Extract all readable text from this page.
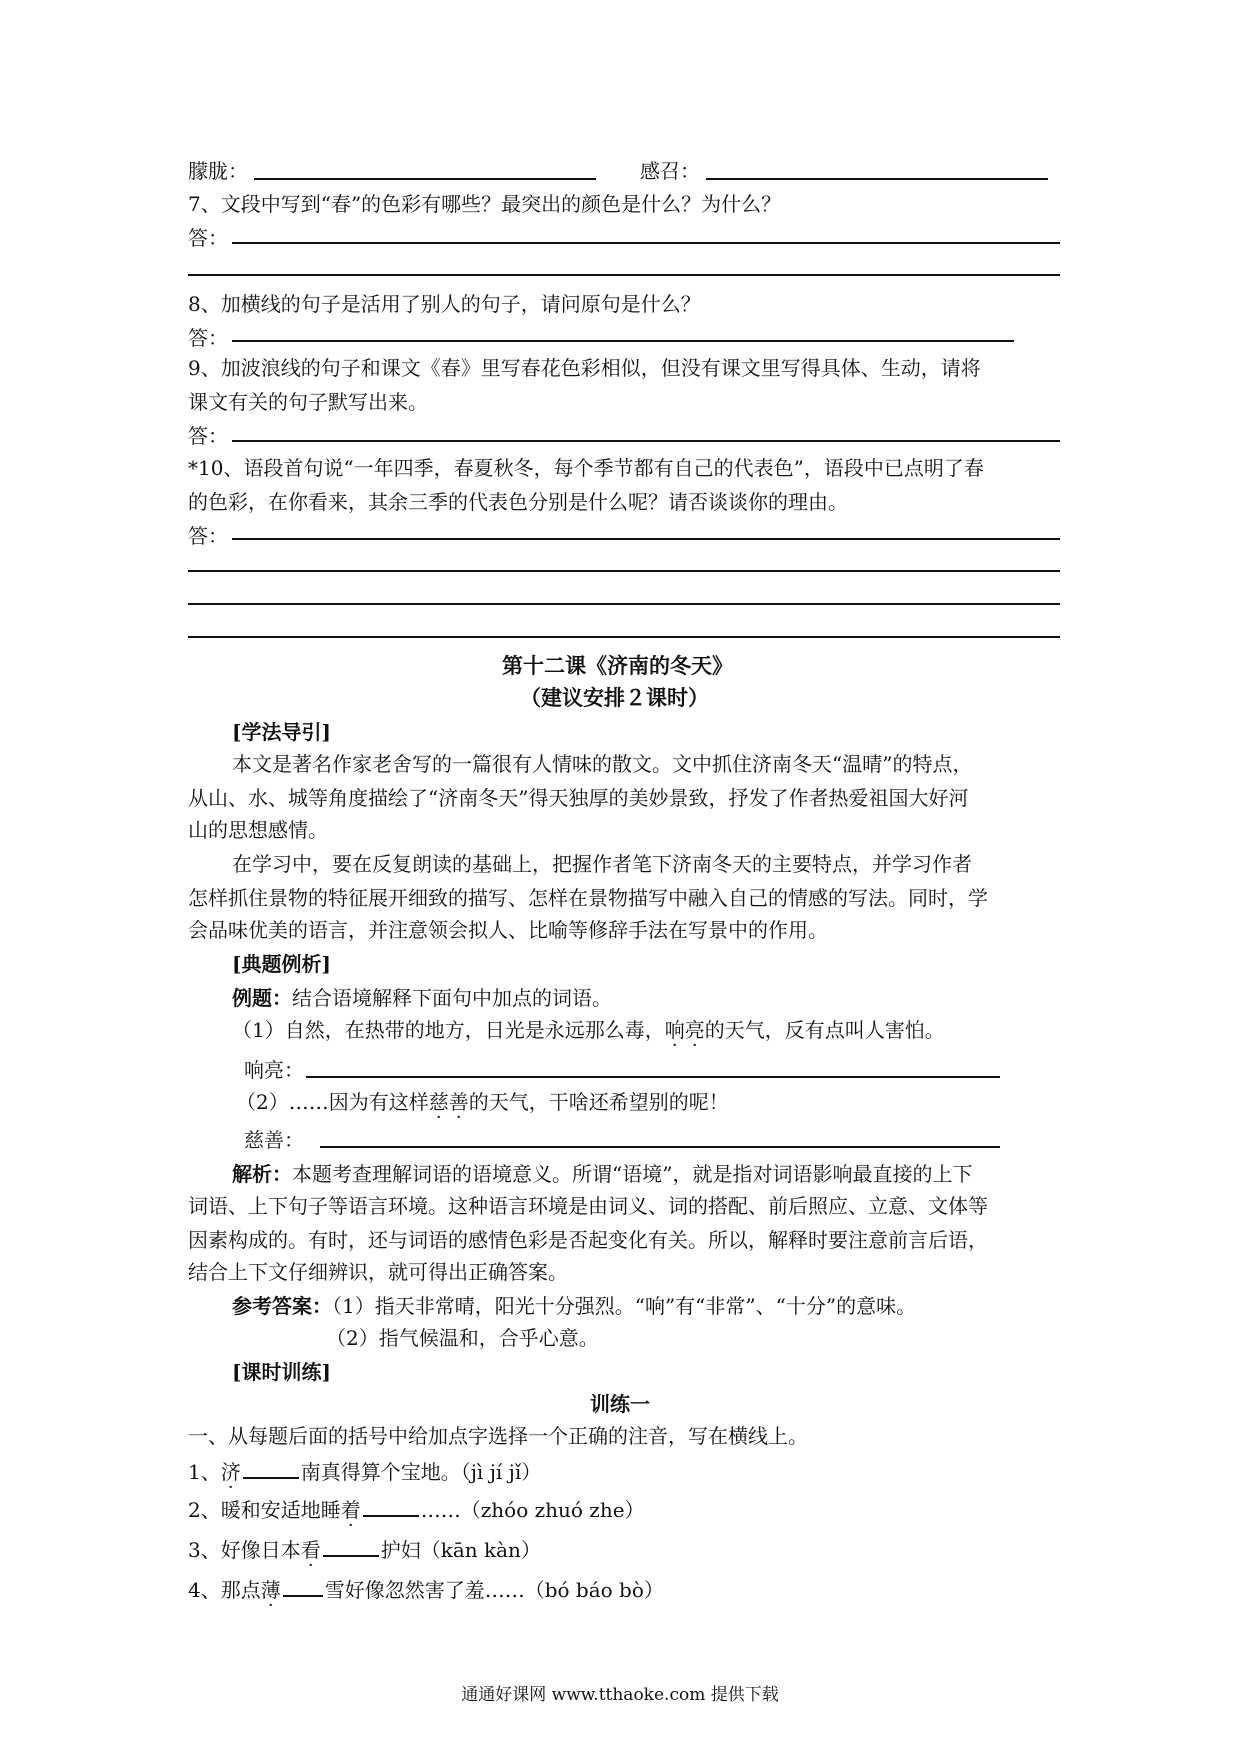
朦胧：	感召：
7、文段中写到“春”的色彩有哪些？最突出的颜色是什么？为什么？
答：
8、加横线的句子是活用了别人的句子，请问原句是什么？
答：
9、加波浪线的句子和课文《春》里写春花色彩相似，但没有课文里写得具体、生动，请将
课文有关的句子默写出来。
答：
*10、语段首句说“一年四季，春夏秋冬，每个季节都有自己的代表色”，语段中已点明了春
的色彩，在你看来，其余三季的代表色分别是什么呢？请否谈谈你的理由。
答：
第十二课《济南的冬天》
（建议安排２课时）
[学法导引]
本文是著名作家老舍写的一篇很有人情味的散文。文中抓住济南冬天“温晴”的特点，
从山、水、城等角度描绘了“济南冬天”得天独厚的美妙景致，抒发了作者热爱祖国大好河
山的思想感情。
在学习中，要在反复朗读的基础上，把握作者笔下济南冬天的主要特点，并学习作者
怎样抓住景物的特征展开细致的描写、怎样在景物描写中融入自己的情感的写法。同时，学
会品味优美的语言，并注意领会拟人、比喻等修辞手法在写景中的作用。
[典题例析]
例题：结合语境解释下面句中加点的词语。
（1）自然，在热带的地方，日光是永远那么毒，响亮的天气，反有点叫人害怕。
响亮：
（2）……因为有这样慈善的天气，干啥还希望别的呢！
慈善：
解析：本题考查理解词语的语境意义。所谓“语境”，就是指对词语影响最直接的上下
词语、上下句子等语言环境。这种语言环境是由词义、词的搭配、前后照应、立意、文体等
因素构成的。有时，还与词语的感情色彩是否起变化有关。所以，解释时要注意前言后语，
结合上下文仔细辨识，就可得出正确答案。
参考答案：（1）指天非常晴，阳光十分强烈。“响”有“非常”、“十分”的意味。
（2）指气候温和，合乎心意。
[课时训练]
训练一
一、从每题后面的括号中给加点字选择一个正确的注音，写在横线上。
1、济	南真得算个宝地。（jì jí jǐ）
2、暖和安适地睡着	……（zhóo zhuó zhe）
3、好像日本看	护妇（kān kàn）
4、那点薄 雪好像忽然害了羞……（bó báo bò）
通通好课网 www.tthaoke.com 提供下载
